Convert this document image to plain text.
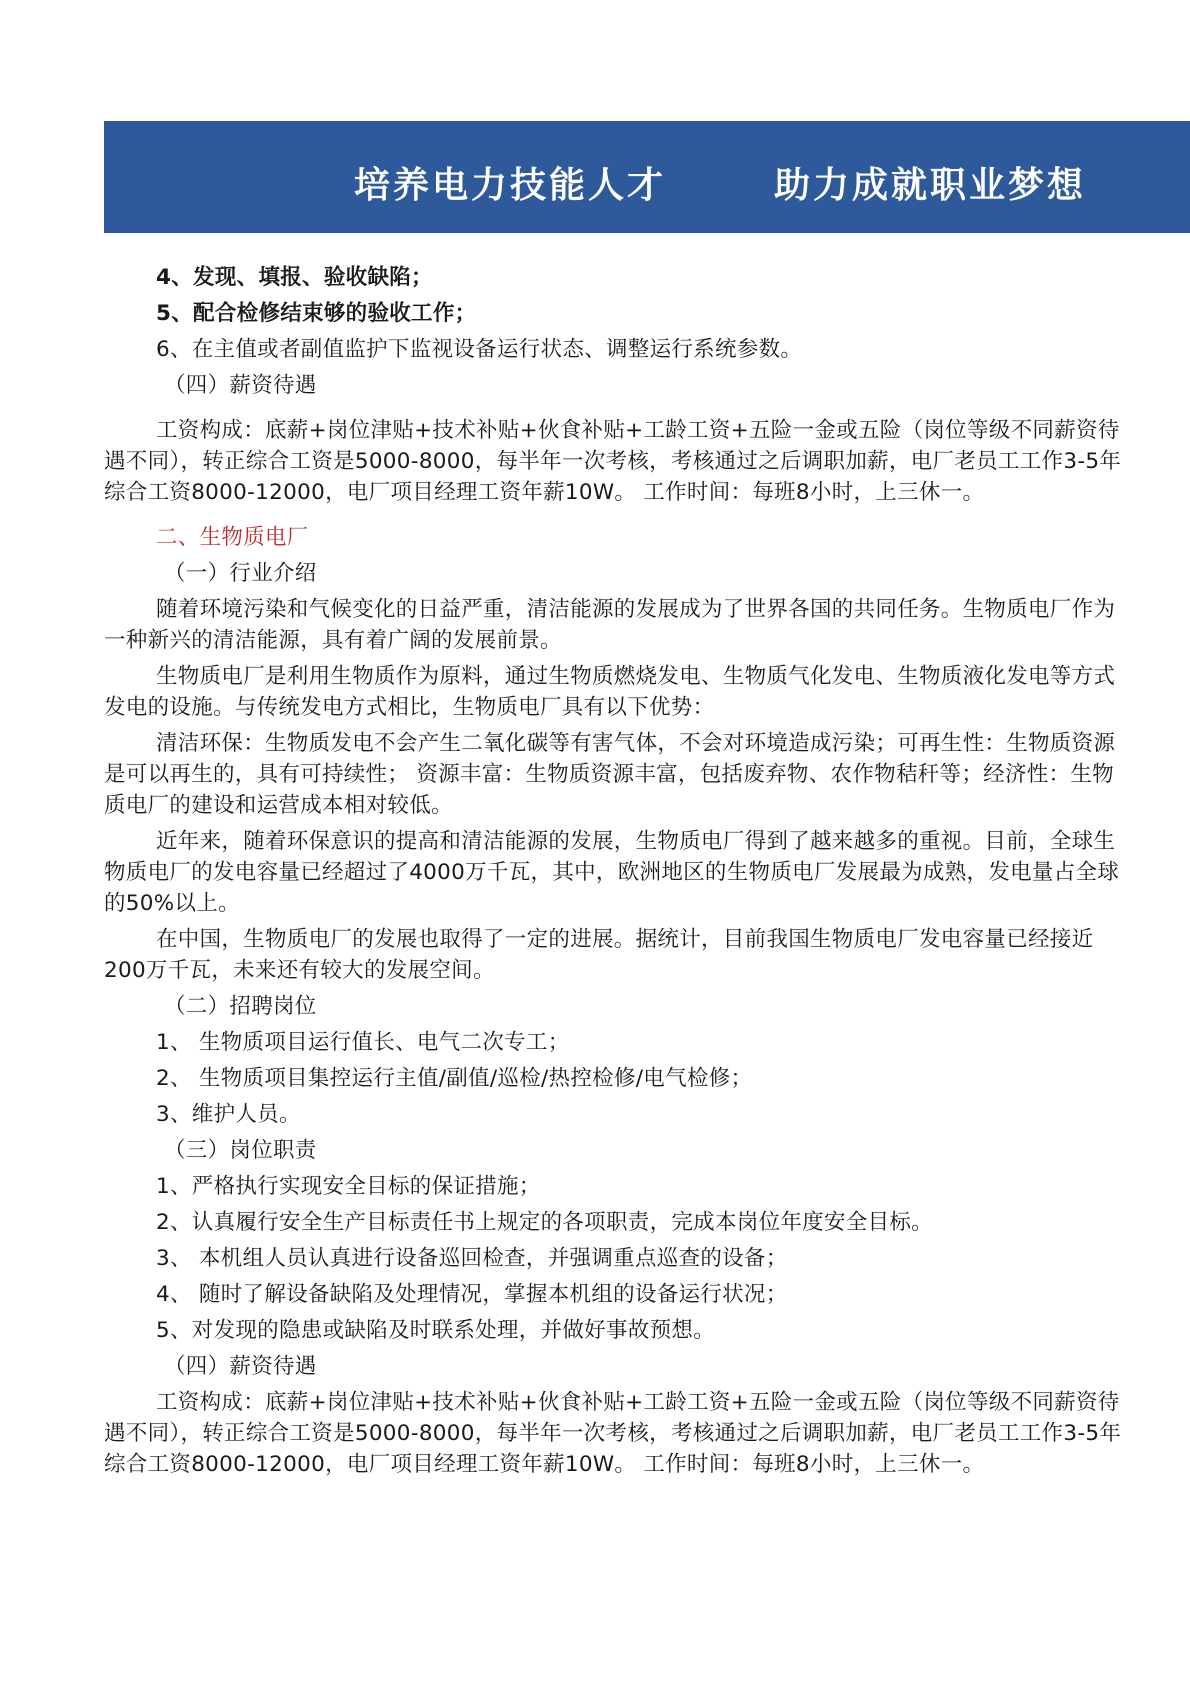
培养电力技能人才	助力成就职业梦想
4、发现、填报、验收缺陷；
5、配合检修结束够的验收工作；
6、在主值或者副值监护下监视设备运行状态、调整运行系统参数。
（四）薪资待遇
工资构成：底薪+岗位津贴+技术补贴+伙食补贴+工龄工资+五险一金或五险（岗位等级不同薪资待遇不同），转正综合工资是5000-8000，每半年一次考核，考核通过之后调职加薪，电厂老员工工作3-5年综合工资8000-12000，电厂项目经理工资年薪10W。 工作时间：每班8小时，上三休一。
二、生物质电厂
（一）行业介绍
随着环境污染和气候变化的日益严重，清洁能源的发展成为了世界各国的共同任务。生物质电厂作为一种新兴的清洁能源，具有着广阔的发展前景。
生物质电厂是利用生物质作为原料，通过生物质燃烧发电、生物质气化发电、生物质液化发电等方式发电的设施。与传统发电方式相比，生物质电厂具有以下优势：
清洁环保：生物质发电不会产生二氧化碳等有害气体，不会对环境造成污染；可再生性：生物质资源是可以再生的，具有可持续性； 资源丰富：生物质资源丰富，包括废弃物、农作物秸秆等；经济性：生物质电厂的建设和运营成本相对较低。
近年来，随着环保意识的提高和清洁能源的发展，生物质电厂得到了越来越多的重视。目前，全球生物质电厂的发电容量已经超过了4000万千瓦，其中，欧洲地区的生物质电厂发展最为成熟，发电量占全球的50%以上。
在中国，生物质电厂的发展也取得了一定的进展。据统计，目前我国生物质电厂发电容量已经接近200万千瓦，未来还有较大的发展空间。
（二）招聘岗位
1、 生物质项目运行值长、电气二次专工；
2、 生物质项目集控运行主值/副值/巡检/热控检修/电气检修；
3、维护人员。
（三）岗位职责
1、严格执行实现安全目标的保证措施；
2、认真履行安全生产目标责任书上规定的各项职责，完成本岗位年度安全目标。
3、 本机组人员认真进行设备巡回检查，并强调重点巡查的设备；
4、 随时了解设备缺陷及处理情况，掌握本机组的设备运行状况；
5、对发现的隐患或缺陷及时联系处理，并做好事故预想。
（四）薪资待遇
工资构成：底薪+岗位津贴+技术补贴+伙食补贴+工龄工资+五险一金或五险（岗位等级不同薪资待遇不同），转正综合工资是5000-8000，每半年一次考核，考核通过之后调职加薪，电厂老员工工作3-5年综合工资8000-12000，电厂项目经理工资年薪10W。 工作时间：每班8小时，上三休一。
